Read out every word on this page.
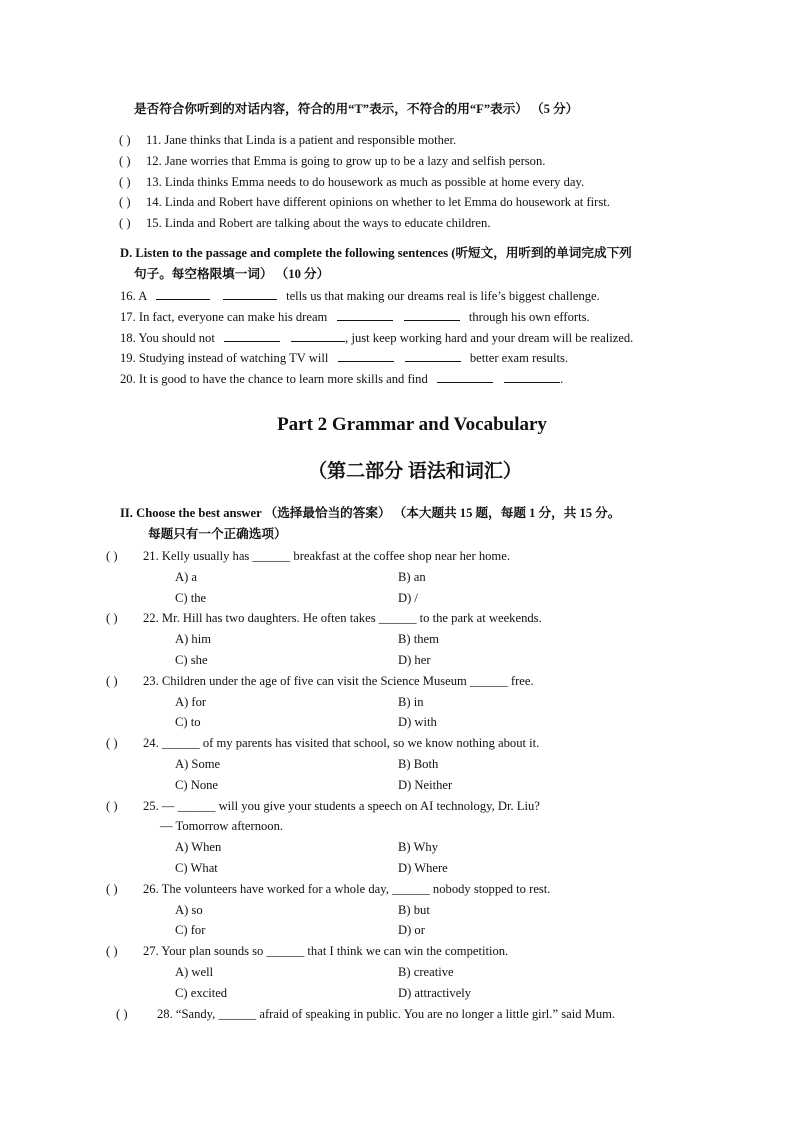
是否符合你听到的对话内容，符合的用“T”表示，不符合的用“F”表示） （5 分）
( ) 11. Jane thinks that Linda is a patient and responsible mother.
( ) 12. Jane worries that Emma is going to grow up to be a lazy and selfish person.
( ) 13. Linda thinks Emma needs to do housework as much as possible at home every day.
( ) 14. Linda and Robert have different opinions on whether to let Emma do housework at first.
( ) 15. Linda and Robert are talking about the ways to educate children.
D. Listen to the passage and complete the following sentences (听短文，用听到的单词完成下列
句子。每空格限填一词） （10 分）
16. A	tells us that making our dreams real is life’s biggest challenge.
17. In fact, everyone can make his dream	through his own efforts.
18. You should not	, just keep working hard and your dream will be realized.
19. Studying instead of watching TV will	better exam results.
20. It is good to have the chance to learn more skills and find	.
Part 2 Grammar and Vocabulary
（第二部分 语法和词汇）
II. Choose the best answer （选择最恰当的答案） （本大题共 15 题，每题 1 分，共 15 分。
每题只有一个正确选项）
( ) 21. Kelly usually has ______ breakfast at the coffee shop near her home.
A) a	B) an
C) the	D) /
( ) 22. Mr. Hill has two daughters. He often takes ______ to the park at weekends.
A) him	B) them
C) she	D) her
( ) 23. Children under the age of five can visit the Science Museum ______ free.
A) for	B) in
C) to	D) with
( ) 24. ______ of my parents has visited that school, so we know nothing about it.
A) Some	B) Both
C) None	D) Neither
( ) 25. — ______ will you give your students a speech on AI technology, Dr. Liu?
— Tomorrow afternoon.
A) When	B) Why
C) What	D) Where
( ) 26. The volunteers have worked for a whole day, ______ nobody stopped to rest.
A) so	B) but
C) for	D) or
( ) 27. Your plan sounds so ______ that I think we can win the competition.
A) well	B) creative
C) excited	D) attractively
( ) 28. “Sandy, ______ afraid of speaking in public. You are no longer a little girl.” said Mum.
